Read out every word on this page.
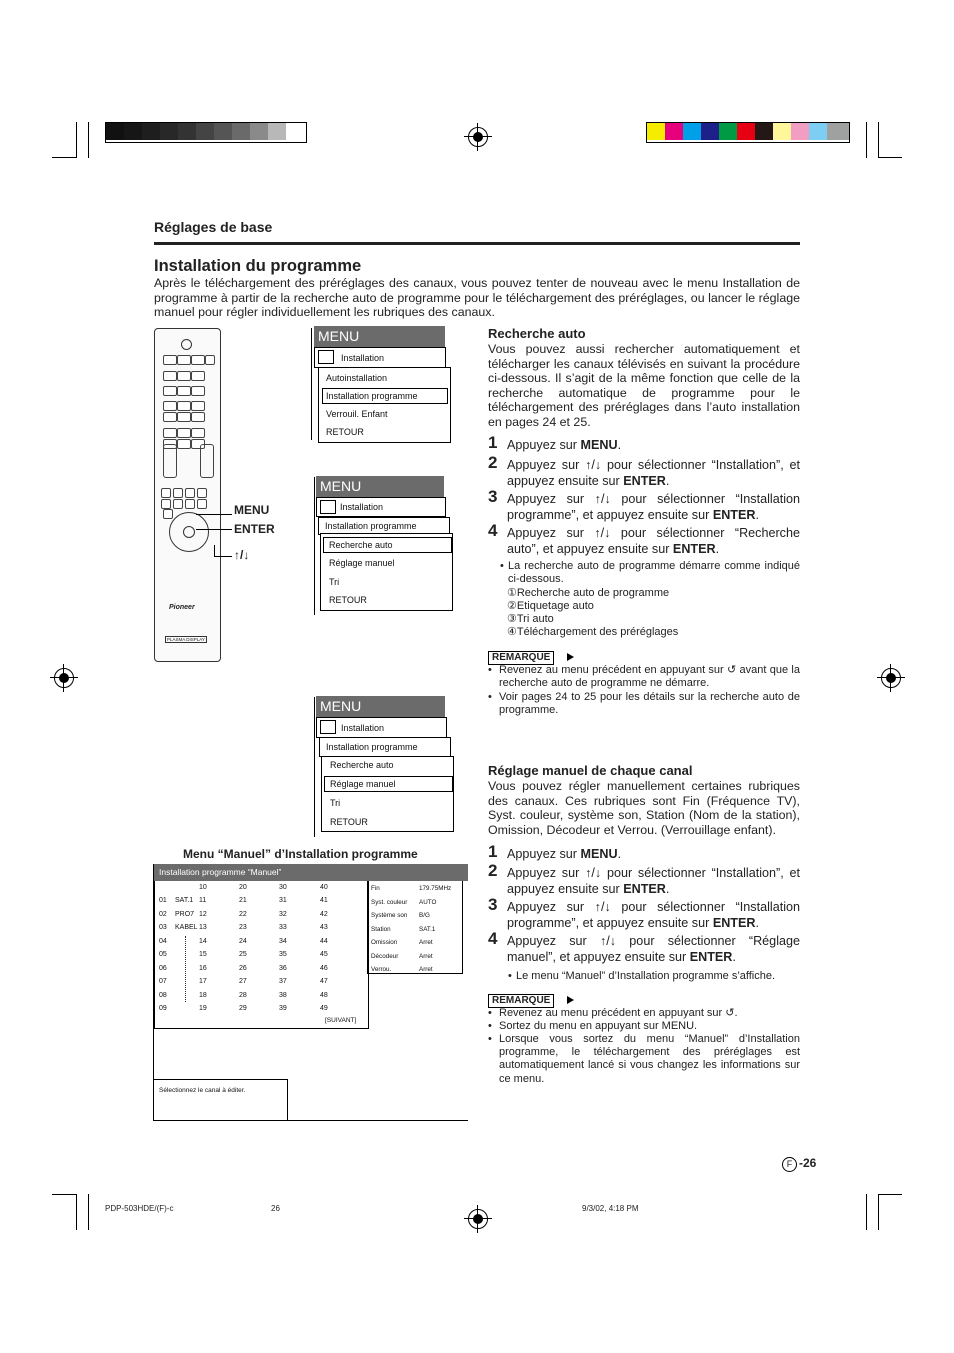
Réglages de base
Installation du programme
Après le téléchargement des préréglages des canaux, vous pouvez tenter de nouveau avec le menu Installation de programme à partir de la recherche auto de programme pour le téléchargement des préréglages, ou lancer le réglage manuel pour régler individuellement les rubriques des canaux.
Pioneer
PLASMA DISPLAY
MENU
ENTER
↑/↓
MENU
Installation
Autoinstallation
Installation programme
Verrouil. Enfant
RETOUR
MENU
Installation
Installation programme
Recherche auto
Réglage manuel
Tri
RETOUR
MENU
Installation
Installation programme
Recherche auto
Réglage manuel
Tri
RETOUR
Menu “Manuel” d’Installation programme
Installation programme “Manuel”
10	20	30	40
01 SAT.1 11	21	31	41
02 PRO7 12	22	32	42
03 KABEL 13	23	33	43
04	14	24	34	44
05	15	25	35	45
06	16	26	36	46
07	17	27	37	47
08	18	28	38	48
09	19	29	39	49
[SUIVANT]
Fin	179.75MHz
Syst. couleur AUTO
Système son B/G
Station	SAT.1
Omission	Arret
Décodeur	Arret
Verrou.	Arret
Sélectionnez le canal à éditer.
Recherche auto
Vous pouvez aussi rechercher automatiquement et télécharger les canaux télévisés en suivant la procédure ci-dessous. Il s’agit de la même fonction que celle de la recherche automatique de programme pour le téléchargement des préréglages dans l’auto installation en pages 24 et 25.
1 Appuyez sur MENU.
2 Appuyez sur ↑/↓ pour sélectionner “Installation”, et appuyez ensuite sur ENTER.
3 Appuyez sur ↑/↓ pour sélectionner “Installation programme”, et appuyez ensuite sur ENTER.
4 Appuyez sur ↑/↓ pour sélectionner “Recherche auto”, et appuyez ensuite sur ENTER.
• La recherche auto de programme démarre comme indiqué ci-dessous.
①Recherche auto de programme
②Etiquetage auto
③Tri auto
④Téléchargement des préréglages
REMARQUE
• Revenez au menu précédent en appuyant sur ↺ avant que la recherche auto de programme ne démarre.
• Voir pages 24 to 25 pour les détails sur la recherche auto de programme.
Réglage manuel de chaque canal
Vous pouvez régler manuellement certaines rubriques des canaux. Ces rubriques sont Fin (Fréquence TV), Syst. couleur, système son, Station (Nom de la station), Omission, Décodeur et Verrou. (Verrouillage enfant).
1 Appuyez sur MENU.
2 Appuyez sur ↑/↓ pour sélectionner “Installation”, et appuyez ensuite sur ENTER.
3 Appuyez sur ↑/↓ pour sélectionner “Installation programme”, et appuyez ensuite sur ENTER.
4 Appuyez sur ↑/↓ pour sélectionner “Réglage manuel”, et appuyez ensuite sur ENTER.
• Le menu “Manuel” d’Installation programme s’affiche.
REMARQUE
• Revenez au menu précédent en appuyant sur ↺.
• Sortez du menu en appuyant sur MENU.
• Lorsque vous sortez du menu “Manuel” d’Installation programme, le téléchargement des préréglages est automatiquement lancé si vous changez les informations sur ce menu.
F -26
PDP-503HDE/(F)-c	26	9/3/02, 4:18 PM
